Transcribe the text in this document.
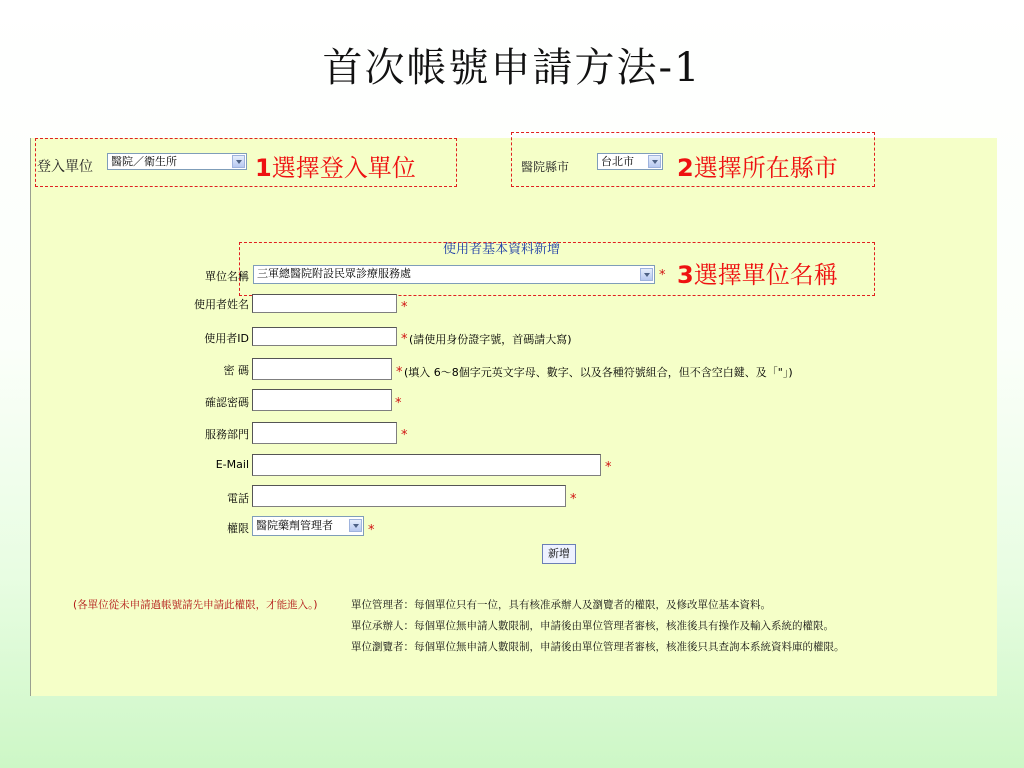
首次帳號申請方法-1
登入單位	醫院／衛生所	1選擇登入單位	醫院縣市	台北市	2選擇所在縣市
使用者基本資料新增
單位名稱 三軍總醫院附設民眾診療服務處	* 3選擇單位名稱
使用者姓名	*
使用者ID	* (請使用身份證字號，首碼請大寫)
密 碼	* (填入 6～8個字元英文字母、數字、以及各種符號組合，但不含空白鍵、及「"」)
確認密碼	*
服務部門	*
E-Mail	*
電話	*
權限 醫院藥劑管理者	*
新增
(各單位從未申請過帳號請先申請此權限，才能進入。)	單位管理者：每個單位只有一位，具有核准承辦人及瀏覽者的權限，及修改單位基本資料。
單位承辦人：每個單位無申請人數限制，申請後由單位管理者審核，核准後具有操作及輸入系統的權限。
單位瀏覽者：每個單位無申請人數限制，申請後由單位管理者審核，核准後只具查詢本系統資料庫的權限。
